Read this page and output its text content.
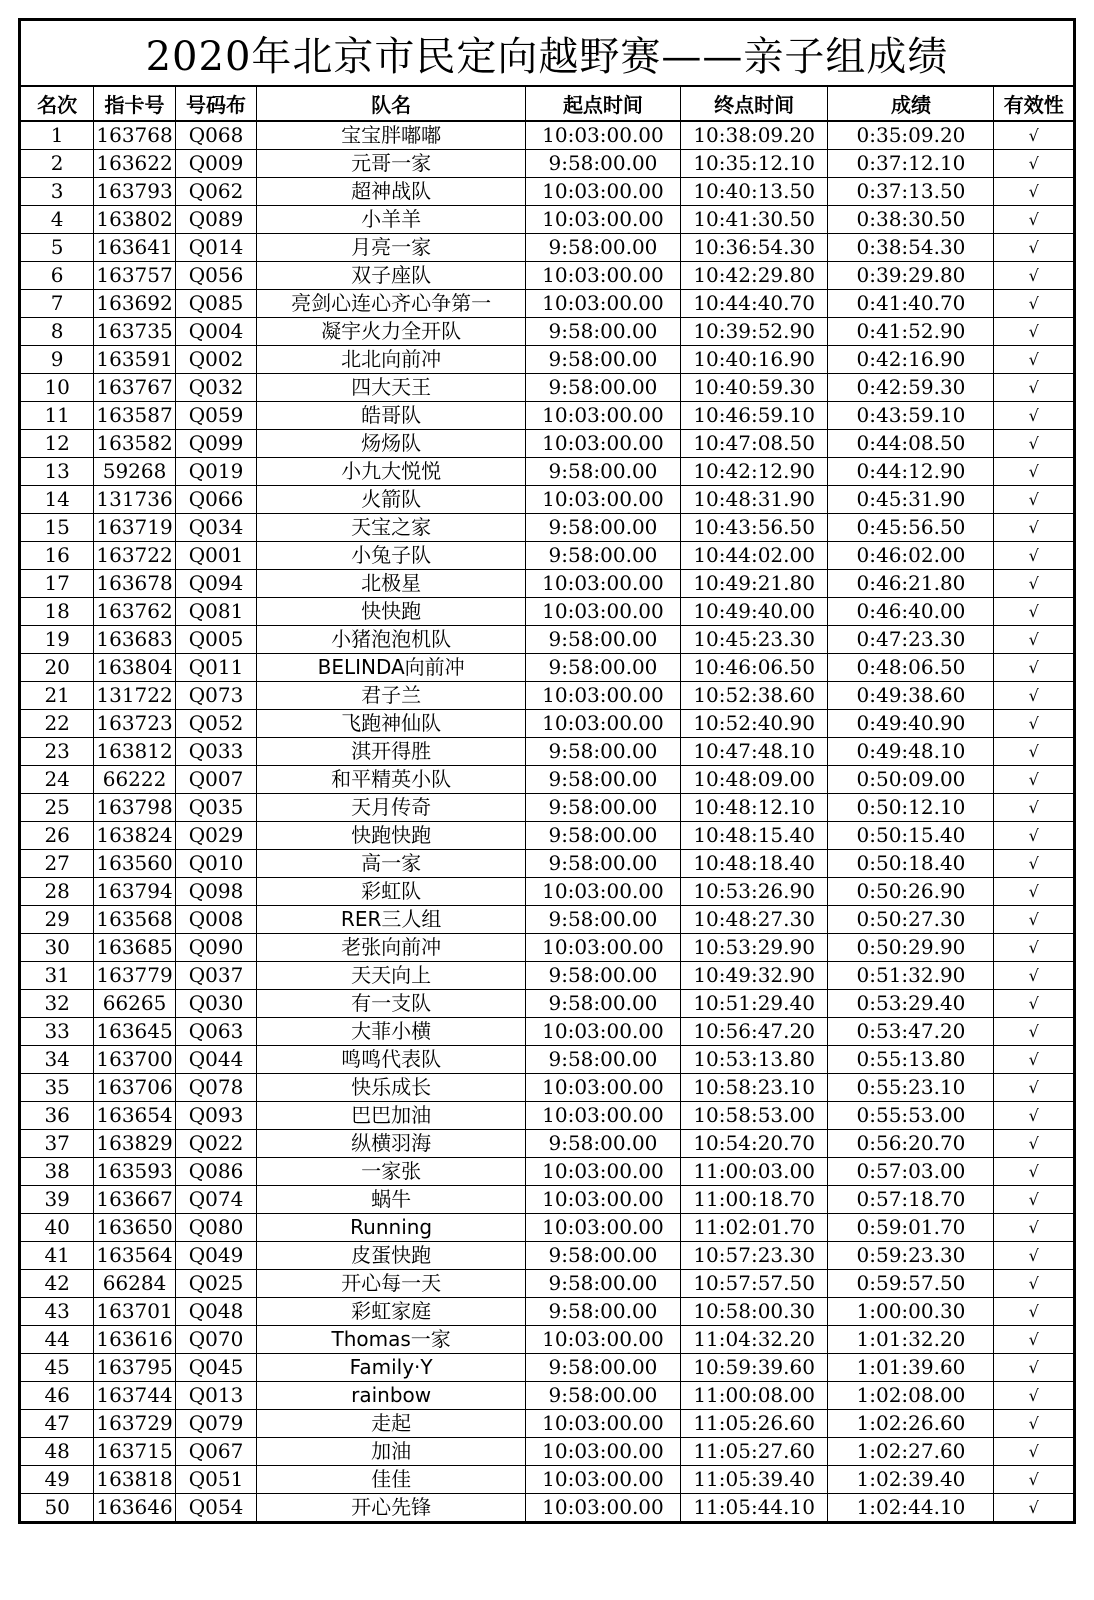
2020年北京市民定向越野赛——亲子组成绩							
名次	指卡号	号码布	队名	起点时间	终点时间	成绩	有效性
1	163768	Q068	宝宝胖嘟嘟	10:03:00.00	10:38:09.20	0:35:09.20	√
2	163622	Q009	元哥一家	9:58:00.00	10:35:12.10	0:37:12.10	√
3	163793	Q062	超神战队	10:03:00.00	10:40:13.50	0:37:13.50	√
4	163802	Q089	小羊羊	10:03:00.00	10:41:30.50	0:38:30.50	√
5	163641	Q014	月亮一家	9:58:00.00	10:36:54.30	0:38:54.30	√
6	163757	Q056	双子座队	10:03:00.00	10:42:29.80	0:39:29.80	√
7	163692	Q085	亮剑心连心齐心争第一	10:03:00.00	10:44:40.70	0:41:40.70	√
8	163735	Q004	凝宇火力全开队	9:58:00.00	10:39:52.90	0:41:52.90	√
9	163591	Q002	北北向前冲	9:58:00.00	10:40:16.90	0:42:16.90	√
10	163767	Q032	四大天王	9:58:00.00	10:40:59.30	0:42:59.30	√
11	163587	Q059	皓哥队	10:03:00.00	10:46:59.10	0:43:59.10	√
12	163582	Q099	炀炀队	10:03:00.00	10:47:08.50	0:44:08.50	√
13	59268	Q019	小九大悦悦	9:58:00.00	10:42:12.90	0:44:12.90	√
14	131736	Q066	火箭队	10:03:00.00	10:48:31.90	0:45:31.90	√
15	163719	Q034	天宝之家	9:58:00.00	10:43:56.50	0:45:56.50	√
16	163722	Q001	小兔子队	9:58:00.00	10:44:02.00	0:46:02.00	√
17	163678	Q094	北极星	10:03:00.00	10:49:21.80	0:46:21.80	√
18	163762	Q081	快快跑	10:03:00.00	10:49:40.00	0:46:40.00	√
19	163683	Q005	小猪泡泡机队	9:58:00.00	10:45:23.30	0:47:23.30	√
20	163804	Q011	BELINDA向前冲	9:58:00.00	10:46:06.50	0:48:06.50	√
21	131722	Q073	君子兰	10:03:00.00	10:52:38.60	0:49:38.60	√
22	163723	Q052	飞跑神仙队	10:03:00.00	10:52:40.90	0:49:40.90	√
23	163812	Q033	淇开得胜	9:58:00.00	10:47:48.10	0:49:48.10	√
24	66222	Q007	和平精英小队	9:58:00.00	10:48:09.00	0:50:09.00	√
25	163798	Q035	天月传奇	9:58:00.00	10:48:12.10	0:50:12.10	√
26	163824	Q029	快跑快跑	9:58:00.00	10:48:15.40	0:50:15.40	√
27	163560	Q010	高一家	9:58:00.00	10:48:18.40	0:50:18.40	√
28	163794	Q098	彩虹队	10:03:00.00	10:53:26.90	0:50:26.90	√
29	163568	Q008	RER三人组	9:58:00.00	10:48:27.30	0:50:27.30	√
30	163685	Q090	老张向前冲	10:03:00.00	10:53:29.90	0:50:29.90	√
31	163779	Q037	天天向上	9:58:00.00	10:49:32.90	0:51:32.90	√
32	66265	Q030	有一支队	9:58:00.00	10:51:29.40	0:53:29.40	√
33	163645	Q063	大菲小横	10:03:00.00	10:56:47.20	0:53:47.20	√
34	163700	Q044	鸣鸣代表队	9:58:00.00	10:53:13.80	0:55:13.80	√
35	163706	Q078	快乐成长	10:03:00.00	10:58:23.10	0:55:23.10	√
36	163654	Q093	巴巴加油	10:03:00.00	10:58:53.00	0:55:53.00	√
37	163829	Q022	纵横羽海	9:58:00.00	10:54:20.70	0:56:20.70	√
38	163593	Q086	一家张	10:03:00.00	11:00:03.00	0:57:03.00	√
39	163667	Q074	蜗牛	10:03:00.00	11:00:18.70	0:57:18.70	√
40	163650	Q080	Running	10:03:00.00	11:02:01.70	0:59:01.70	√
41	163564	Q049	皮蛋快跑	9:58:00.00	10:57:23.30	0:59:23.30	√
42	66284	Q025	开心每一天	9:58:00.00	10:57:57.50	0:59:57.50	√
43	163701	Q048	彩虹家庭	9:58:00.00	10:58:00.30	1:00:00.30	√
44	163616	Q070	Thomas一家	10:03:00.00	11:04:32.20	1:01:32.20	√
45	163795	Q045	Family·Y	9:58:00.00	10:59:39.60	1:01:39.60	√
46	163744	Q013	rainbow	9:58:00.00	11:00:08.00	1:02:08.00	√
47	163729	Q079	走起	10:03:00.00	11:05:26.60	1:02:26.60	√
48	163715	Q067	加油	10:03:00.00	11:05:27.60	1:02:27.60	√
49	163818	Q051	佳佳	10:03:00.00	11:05:39.40	1:02:39.40	√
50	163646	Q054	开心先锋	10:03:00.00	11:05:44.10	1:02:44.10	√
